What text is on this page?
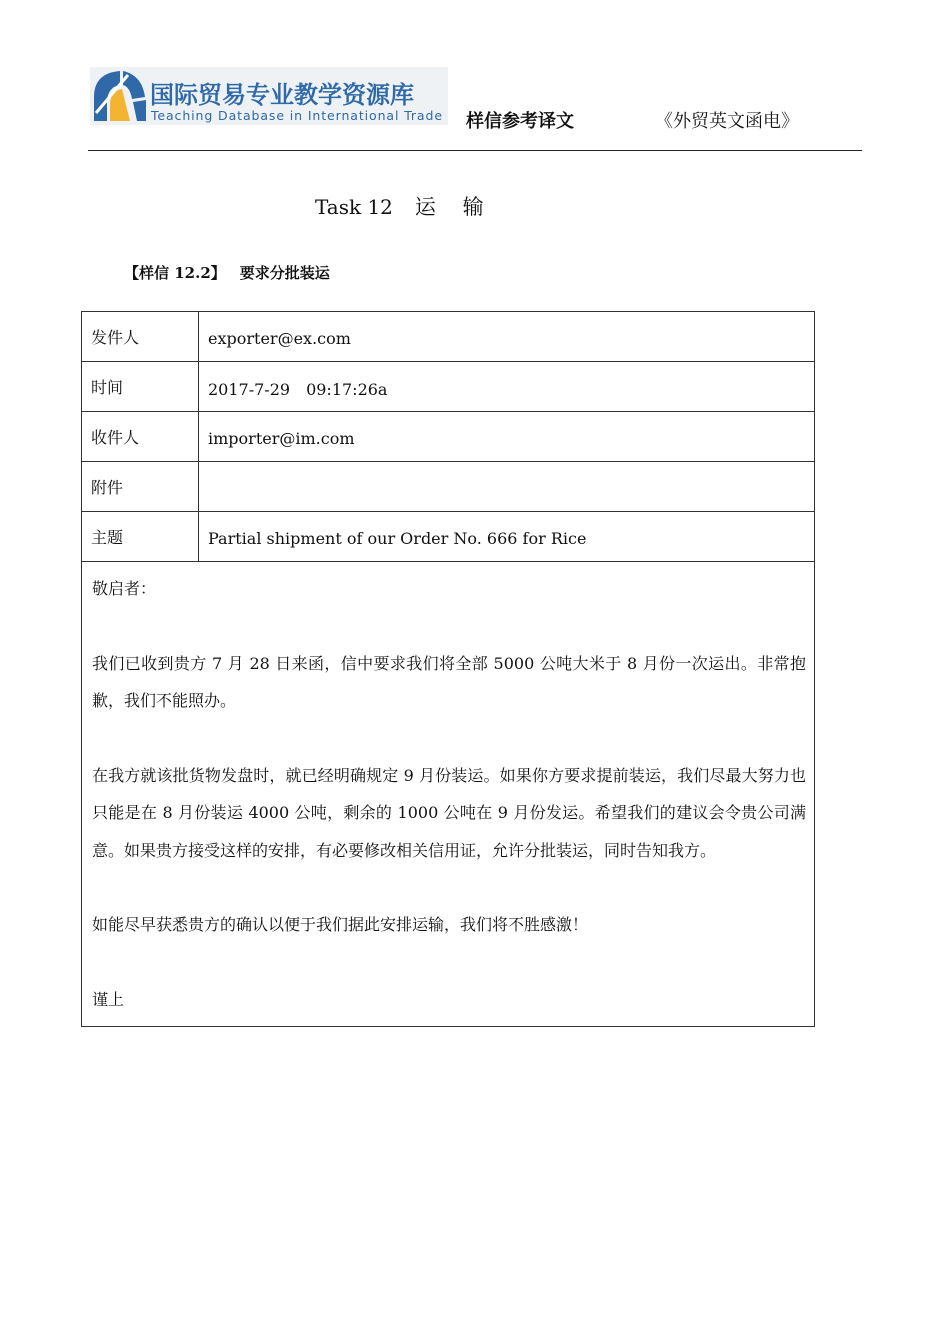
国际贸易专业教学资源库
Teaching Database in International Trade 样信参考译文	《外贸英文函电》
Task 12 运 输
【样信 12.2】 要求分批装运
发件人	exporter@ex.com
时间	2017-7-29　09:17:26a
收件人	importer@im.com
附件	
主题	Partial shipment of our Order No. 666 for Rice

敬启者：

我们已收到贵方 7 月 28 日来函，信中要求我们将全部 5000 公吨大米于 8 月份一次运出。非常抱歉，我们不能照办。

在我方就该批货物发盘时，就已经明确规定 9 月份装运。如果你方要求提前装运，我们尽最大努力也只能是在 8 月份装运 4000 公吨，剩余的 1000 公吨在 9 月份发运。希望我们的建议会令贵公司满意。如果贵方接受这样的安排，有必要修改相关信用证，允许分批装运，同时告知我方。

如能尽早获悉贵方的确认以便于我们据此安排运输，我们将不胜感激！

谨上	
